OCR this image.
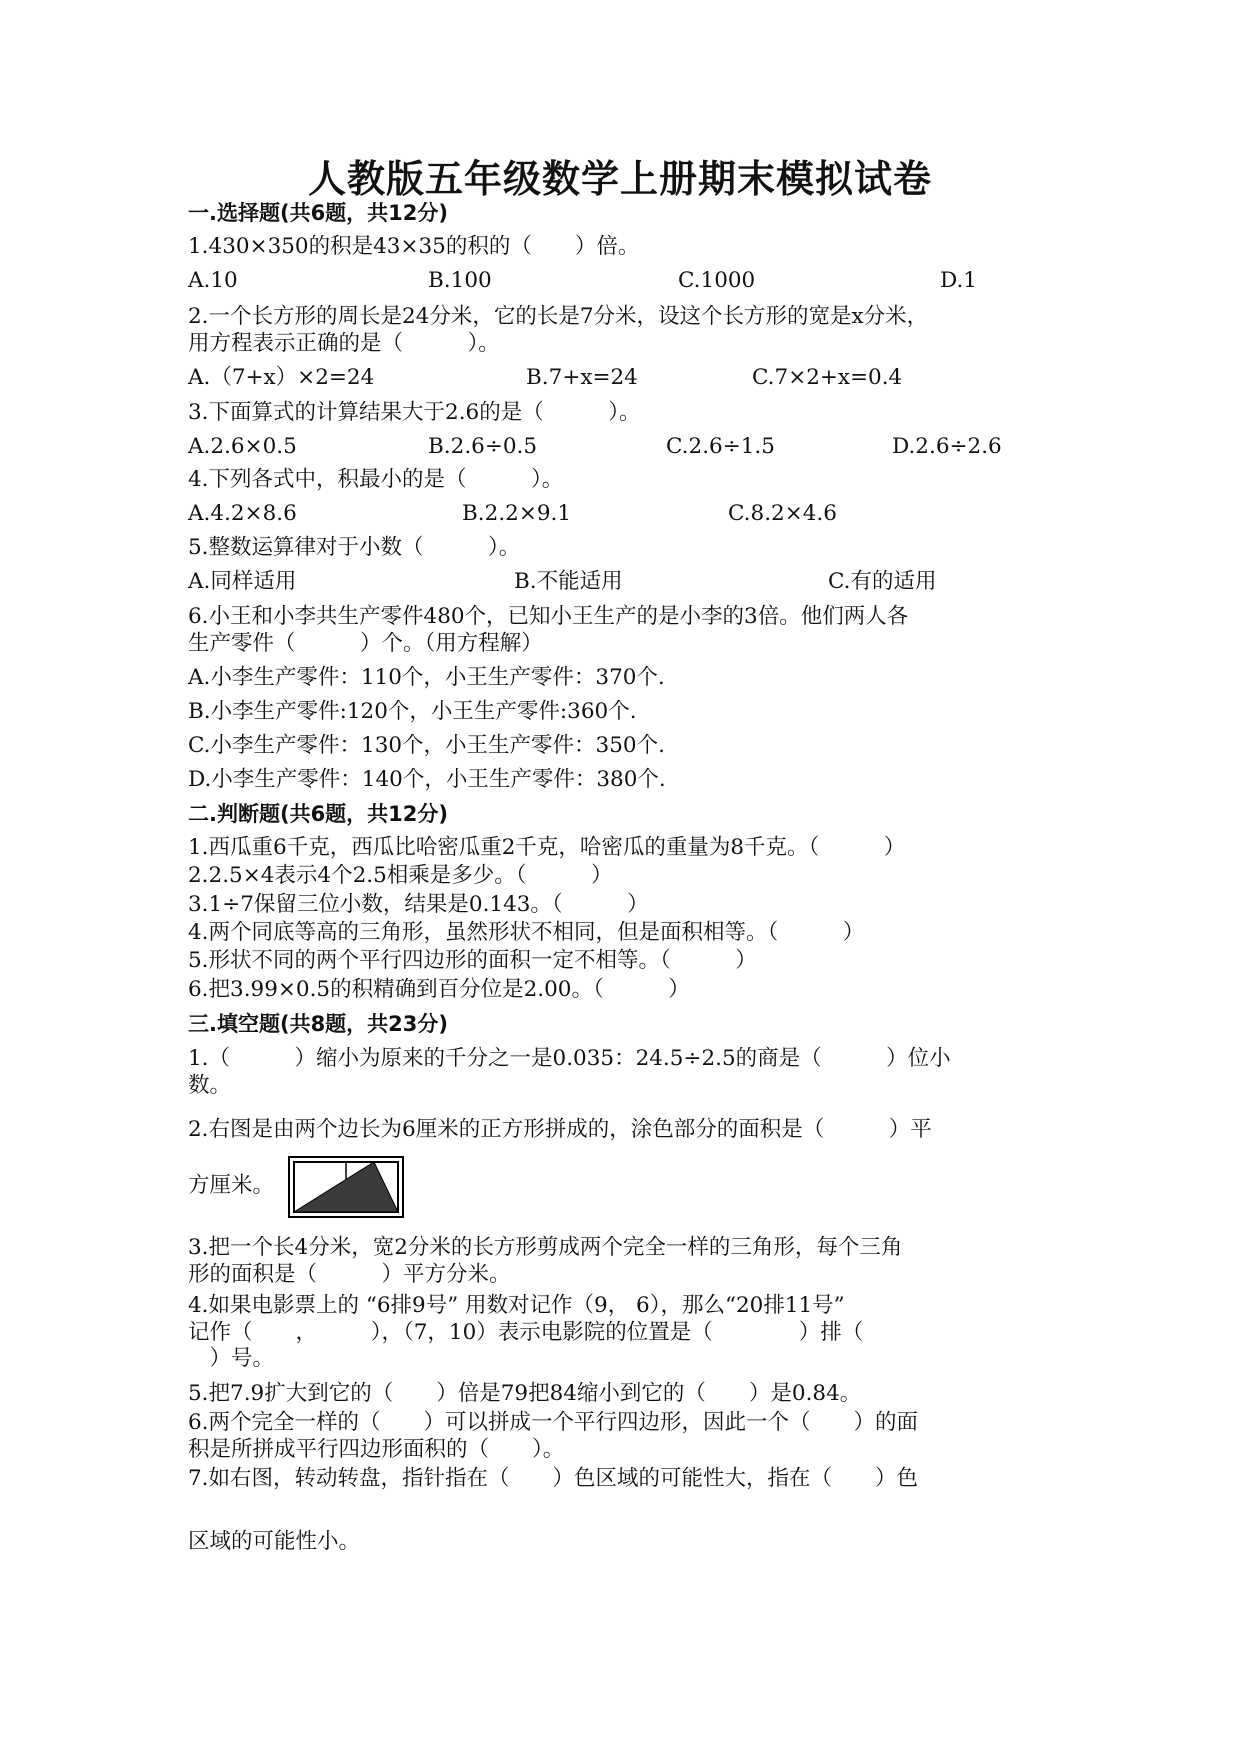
人教版五年级数学上册期末模拟试卷
一.选择题(共6题，共12分)
1.430×350的积是43×35的积的（　　）倍。
A.10	B.100	C.1000	D.1
2.一个长方形的周长是24分米，它的长是7分米，设这个长方形的宽是x分米，
用方程表示正确的是（　　　）。
A.（7+x）×2=24	B.7+x=24	C.7×2+x=0.4
3.下面算式的计算结果大于2.6的是（　　　）。
A.2.6×0.5	B.2.6÷0.5	C.2.6÷1.5	D.2.6÷2.6
4.下列各式中，积最小的是（　　　）。
A.4.2×8.6	B.2.2×9.1	C.8.2×4.6
5.整数运算律对于小数（　　　）。
A.同样适用	B.不能适用	C.有的适用
6.小王和小李共生产零件480个，已知小王生产的是小李的3倍。他们两人各
生产零件（　　　）个。（用方程解）
A.小李生产零件：110个，小王生产零件：370个.
B.小李生产零件:120个，小王生产零件:360个.
C.小李生产零件：130个，小王生产零件：350个.
D.小李生产零件：140个，小王生产零件：380个.
二.判断题(共6题，共12分)
1.西瓜重6千克，西瓜比哈密瓜重2千克，哈密瓜的重量为8千克。（　　　）
2.2.5×4表示4个2.5相乘是多少。（　　　）
3.1÷7保留三位小数，结果是0.143。（　　　）
4.两个同底等高的三角形，虽然形状不相同，但是面积相等。（　　　）
5.形状不同的两个平行四边形的面积一定不相等。（　　　）
6.把3.99×0.5的积精确到百分位是2.00。（　　　）
三.填空题(共8题，共23分)
1.（　　　）缩小为原来的千分之一是0.035：24.5÷2.5的商是（　　　）位小
数。
2.右图是由两个边长为6厘米的正方形拼成的，涂色部分的面积是（　　　）平
方厘米。
3.把一个长4分米，宽2分米的长方形剪成两个完全一样的三角形，每个三角
形的面积是（　　　）平方分米。
4.如果电影票上的 “6排9号” 用数对记作（9， 6），那么“20排11号”
记作（　　，　　　），（7，10）表示电影院的位置是（　　　　）排（
　）号。
5.把7.9扩大到它的（　　）倍是79把84缩小到它的（　　）是0.84。
6.两个完全一样的（　　）可以拼成一个平行四边形，因此一个（　　）的面
积是所拼成平行四边形面积的（　　）。
7.如右图，转动转盘，指针指在（　　）色区域的可能性大，指在（　　）色
区域的可能性小。
